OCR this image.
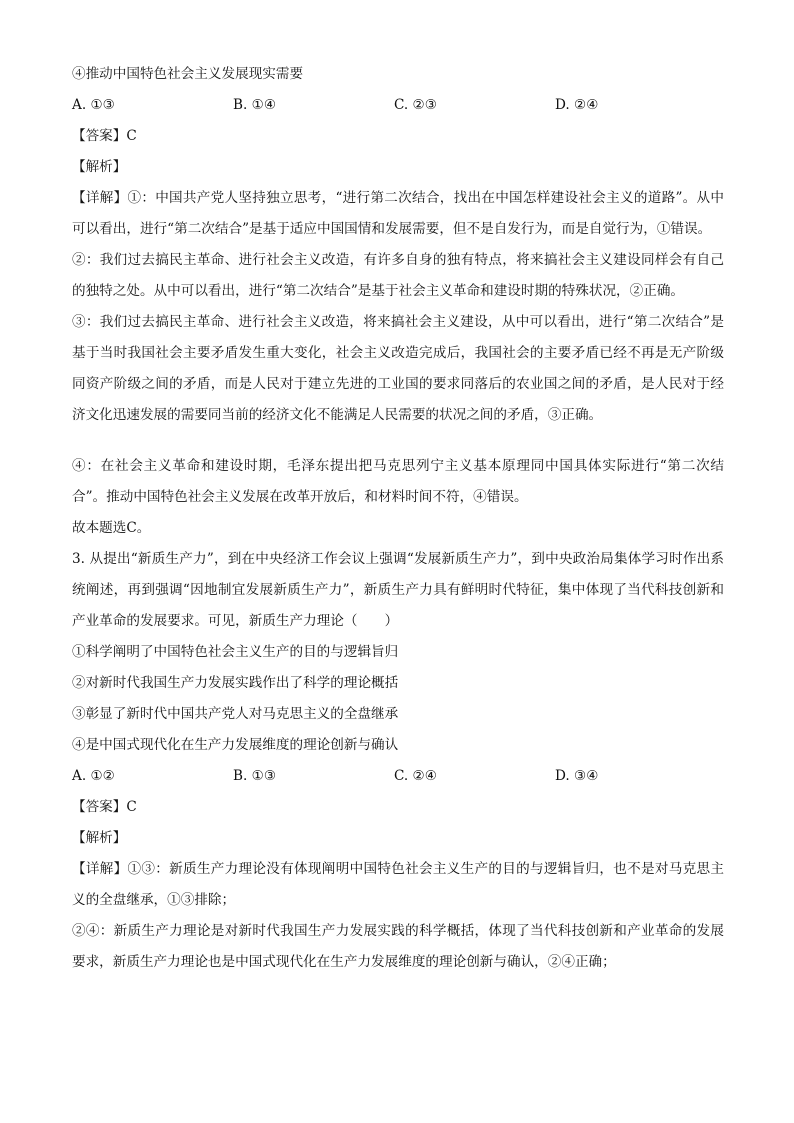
④推动中国特色社会主义发展现实需要
A. ①③	B. ①④	C. ②③	D. ②④
【答案】C
【解析】
【详解】①：中国共产党人坚持独立思考，“进行第二次结合，找出在中国怎样建设社会主义的道路”。从中可以看出，进行“第二次结合”是基于适应中国国情和发展需要，但不是自发行为，而是自觉行为，①错误。
②：我们过去搞民主革命、进行社会主义改造，有许多自身的独有特点，将来搞社会主义建设同样会有自己的独特之处。从中可以看出，进行“第二次结合”是基于社会主义革命和建设时期的特殊状况，②正确。
③：我们过去搞民主革命、进行社会主义改造，将来搞社会主义建设，从中可以看出，进行“第二次结合”是基于当时我国社会主要矛盾发生重大变化，社会主义改造完成后，我国社会的主要矛盾已经不再是无产阶级同资产阶级之间的矛盾，而是人民对于建立先进的工业国的要求同落后的农业国之间的矛盾，是人民对于经济文化迅速发展的需要同当前的经济文化不能满足人民需要的状况之间的矛盾，③正确。
④：在社会主义革命和建设时期，毛泽东提出把马克思列宁主义基本原理同中国具体实际进行“第二次结合”。推动中国特色社会主义发展在改革开放后，和材料时间不符，④错误。
故本题选C。
3. 从提出“新质生产力”，到在中央经济工作会议上强调“发展新质生产力”，到中央政治局集体学习时作出系统阐述，再到强调“因地制宜发展新质生产力”，新质生产力具有鲜明时代特征，集中体现了当代科技创新和产业革命的发展要求。可见，新质生产力理论（　　）
①科学阐明了中国特色社会主义生产的目的与逻辑旨归
②对新时代我国生产力发展实践作出了科学的理论概括
③彰显了新时代中国共产党人对马克思主义的全盘继承
④是中国式现代化在生产力发展维度的理论创新与确认
A. ①②	B. ①③	C. ②④	D. ③④
【答案】C
【解析】
【详解】①③：新质生产力理论没有体现阐明中国特色社会主义生产的目的与逻辑旨归，也不是对马克思主义的全盘继承，①③排除；
②④：新质生产力理论是对新时代我国生产力发展实践的科学概括，体现了当代科技创新和产业革命的发展要求，新质生产力理论也是中国式现代化在生产力发展维度的理论创新与确认，②④正确；
